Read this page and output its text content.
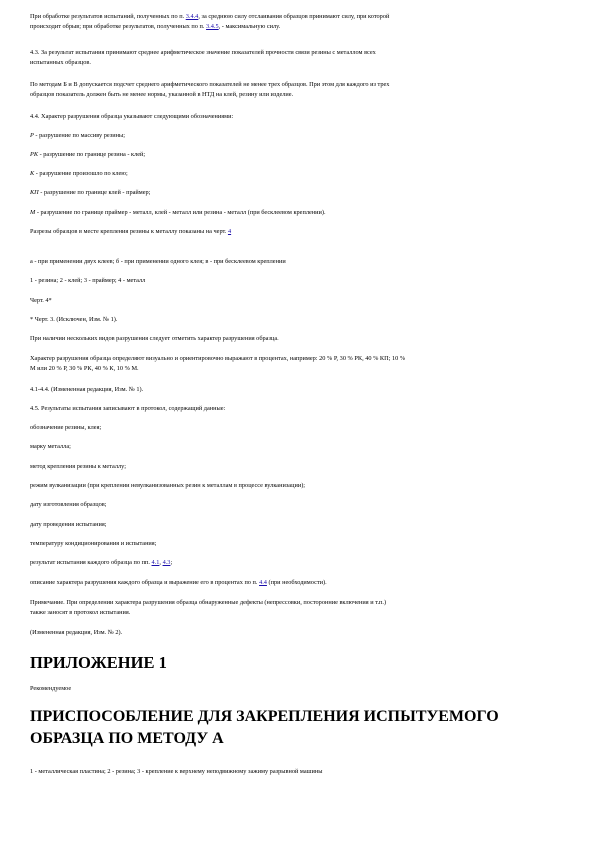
При обработке результатов испытаний, полученных по п. 3.4.4, за среднюю силу отслаивания образцов принимают силу, при которой
происходит обрыв; при обработке результатов, полученных по п. 3.4.5, - максимальную силу.
4.3. За результат испытания принимают среднее арифметическое значение показателей прочности связи резины с металлом всех
испытанных образцов.
По методам Б и В допускается подсчет среднего арифметического показателей не менее трех образцов. При этом для каждого из трех
образцов показатель должен быть не менее нормы, указанной в НТД на клей, резину или изделие.
4.4. Характер разрушения образца указывают следующими обозначениями:
Р - разрушение по массиву резины;
РК - разрушение по границе резина - клей;
К - разрушение произошло по клею;
КП - разрушение по границе клей - праймер;
М - разрушение по границе праймер - металл, клей - металл или резина - металл (при бесклеевом креплении).
Разрезы образцов в месте крепления резины к металлу показаны на черт. 4
а - при применении двух клеев; б - при применении одного клея; в - при бесклеевом креплении
1 - резина; 2 - клей; 3 - праймер; 4 - металл
Черт. 4*
* Черт. 3. (Исключен, Изм. № 1).
При наличии нескольких видов разрушения следует отметить характер разрушения образца.
Характер разрушения образца определяют визуально и ориентировочно выражают в процентах, например: 20 % Р, 30 % РК, 40 % КП; 10 %
М или 20 % Р, 30 % РК, 40 % К, 10 % М.
4.1-4.4. (Измененная редакция, Изм. № 1).
4.5. Результаты испытания записывают в протокол, содержащий данные:
обозначение резины, клея;
марку металла;
метод крепления резины к металлу;
режим вулканизации (при креплении невулканизованных резин к металлам в процессе вулканизации);
дату изготовления образцов;
дату проведения испытания;
температуру кондиционирования и испытания;
результат испытания каждого образца по пп. 4.1, 4.3;
описание характера разрушения каждого образца и выражение его в процентах по п. 4.4 (при необходимости).
Примечание. При определении характера разрушения образца обнаруженные дефекты (непрессовки, посторонние включения и т.п.)
также заносят в протокол испытания.
(Измененная редакция, Изм. № 2).
ПРИЛОЖЕНИЕ 1
Рекомендуемое
ПРИСПОСОБЛЕНИЕ ДЛЯ ЗАКРЕПЛЕНИЯ ИСПЫТУЕМОГО ОБРАЗЦА ПО МЕТОДУ А
1 - металлическая пластина; 2 - резина; 3 - крепление к верхнему неподвижному зажиму разрывной машины
